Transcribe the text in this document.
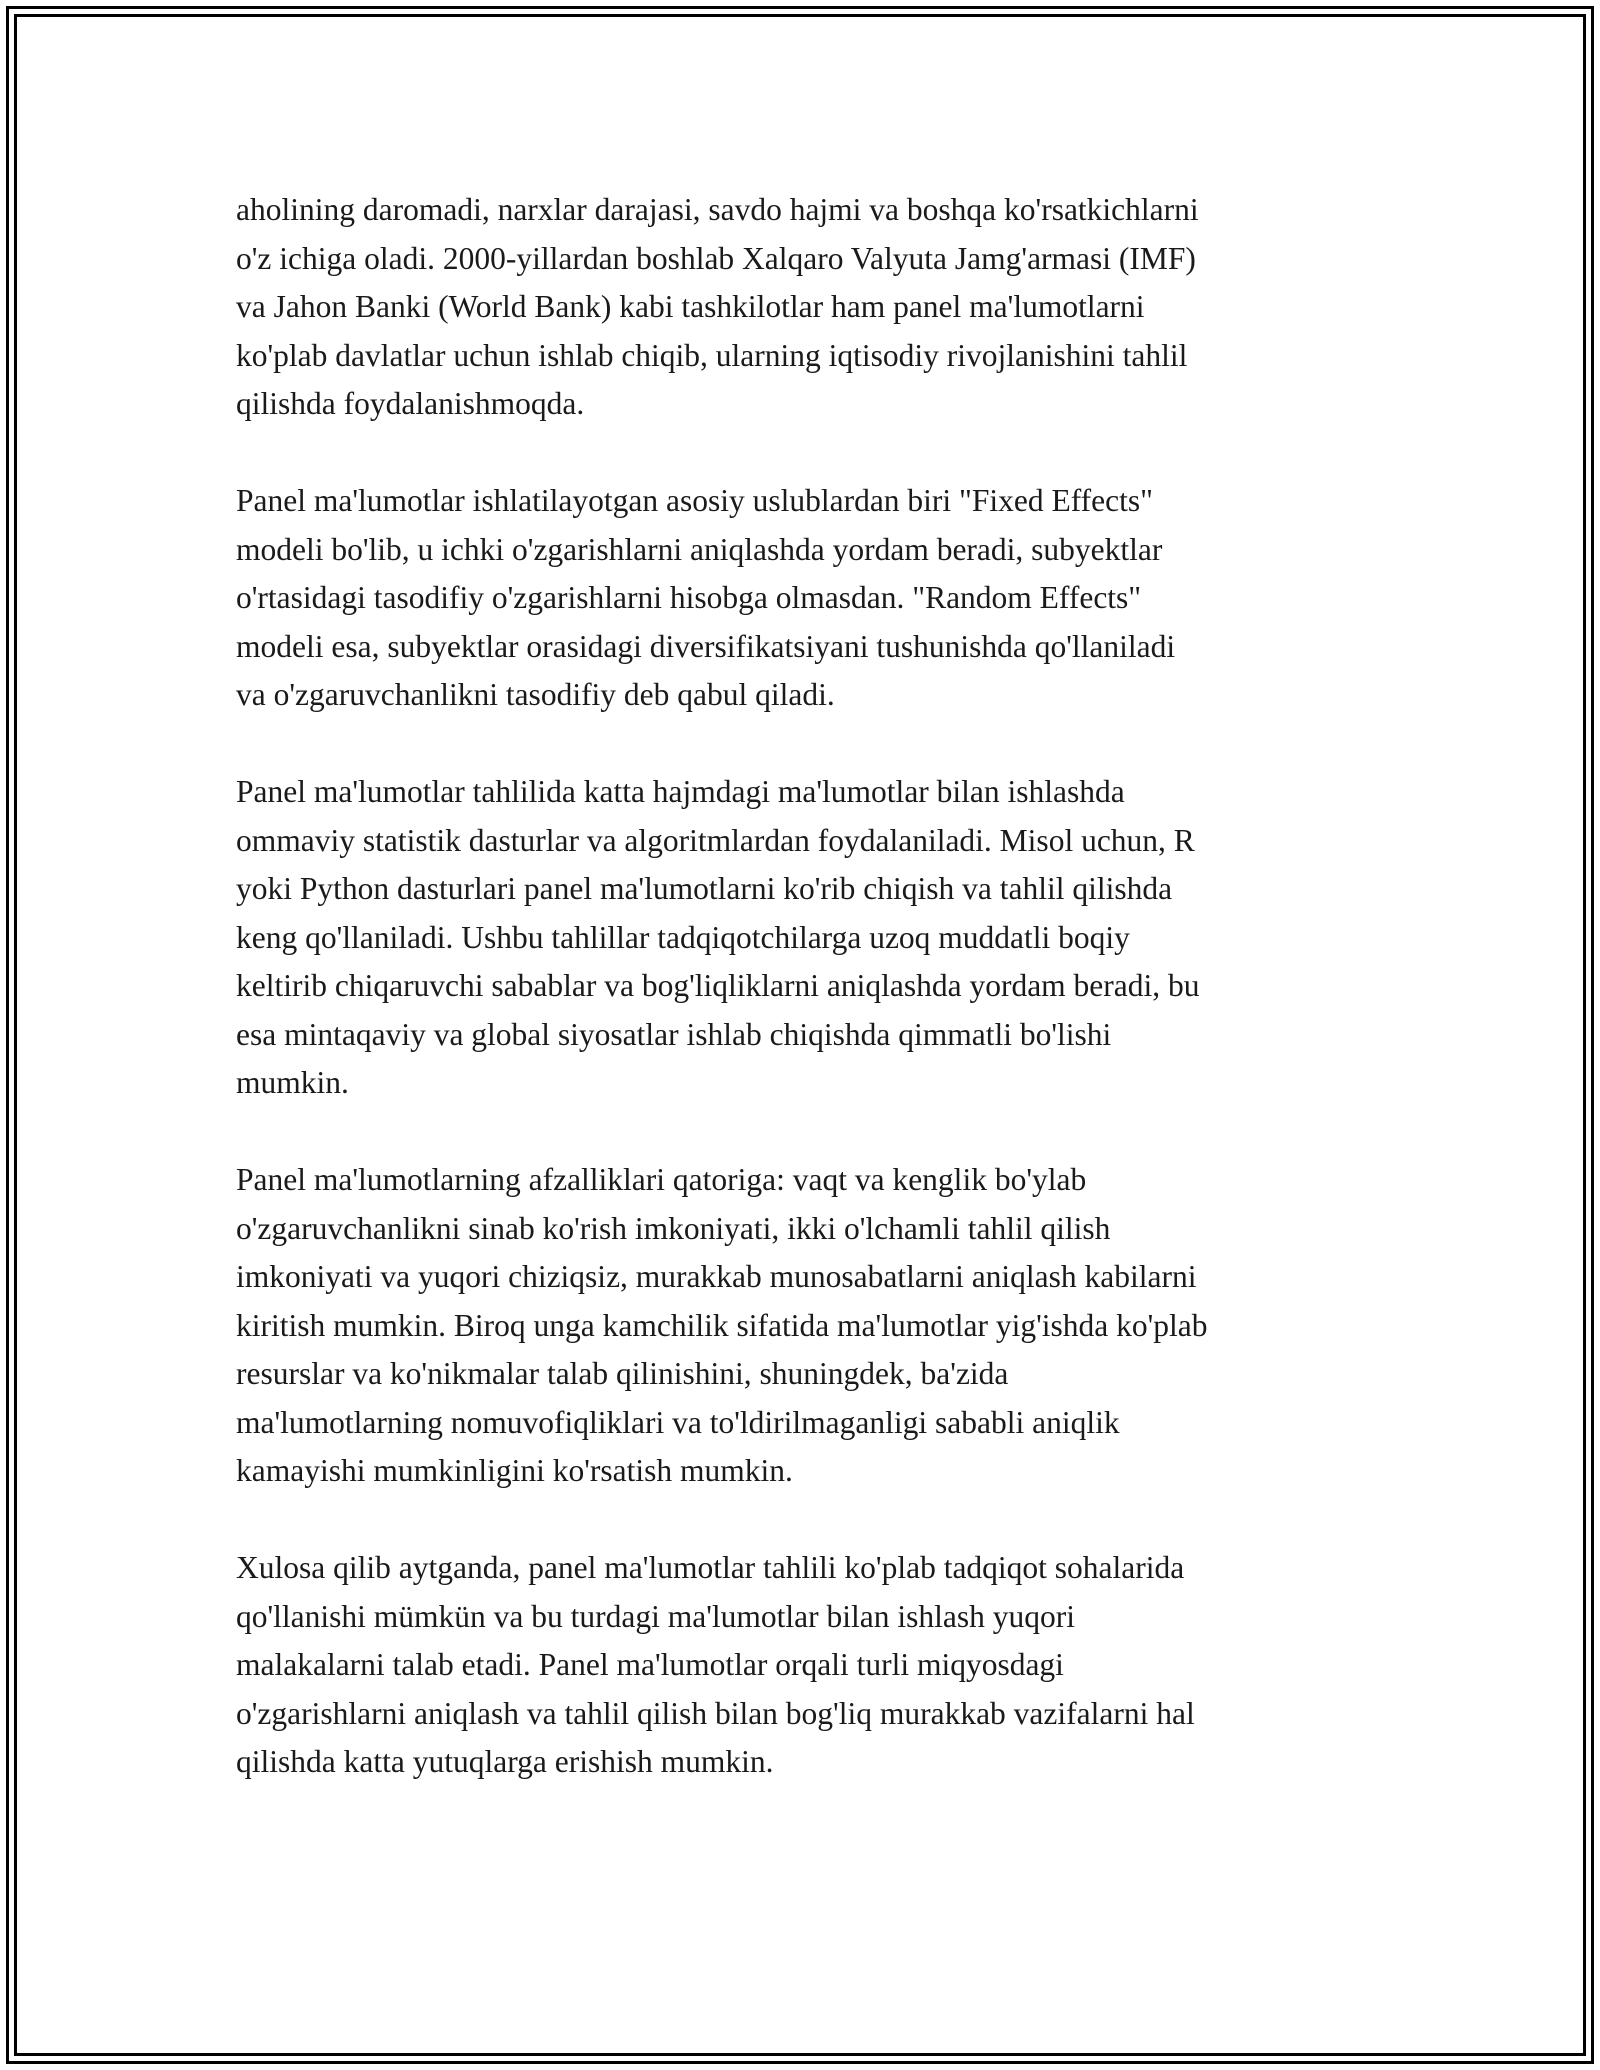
aholining daromadi, narxlar darajasi, savdo hajmi va boshqa ko'rsatkichlarni
o'z ichiga oladi. 2000-yillardan boshlab Xalqaro Valyuta Jamg'armasi (IMF)
va Jahon Banki (World Bank) kabi tashkilotlar ham panel ma'lumotlarni
ko'plab davlatlar uchun ishlab chiqib, ularning iqtisodiy rivojlanishini tahlil
qilishda foydalanishmoqda.
Panel ma'lumotlar ishlatilayotgan asosiy uslublardan biri "Fixed Effects"
modeli bo'lib, u ichki o'zgarishlarni aniqlashda yordam beradi, subyektlar
o'rtasidagi tasodifiy o'zgarishlarni hisobga olmasdan. "Random Effects"
modeli esa, subyektlar orasidagi diversifikatsiyani tushunishda qo'llaniladi
va o'zgaruvchanlikni tasodifiy deb qabul qiladi.
Panel ma'lumotlar tahlilida katta hajmdagi ma'lumotlar bilan ishlashda
ommaviy statistik dasturlar va algoritmlardan foydalaniladi. Misol uchun, R
yoki Python dasturlari panel ma'lumotlarni ko'rib chiqish va tahlil qilishda
keng qo'llaniladi. Ushbu tahlillar tadqiqotchilarga uzoq muddatli boqiy
keltirib chiqaruvchi sabablar va bog'liqliklarni aniqlashda yordam beradi, bu
esa mintaqaviy va global siyosatlar ishlab chiqishda qimmatli bo'lishi
mumkin.
Panel ma'lumotlarning afzalliklari qatoriga: vaqt va kenglik bo'ylab
o'zgaruvchanlikni sinab ko'rish imkoniyati, ikki o'lchamli tahlil qilish
imkoniyati va yuqori chiziqsiz, murakkab munosabatlarni aniqlash kabilarni
kiritish mumkin. Biroq unga kamchilik sifatida ma'lumotlar yig'ishda ko'plab
resurslar va ko'nikmalar talab qilinishini, shuningdek, ba'zida
ma'lumotlarning nomuvofiqliklari va to'ldirilmaganligi sababli aniqlik
kamayishi mumkinligini ko'rsatish mumkin.
Xulosa qilib aytganda, panel ma'lumotlar tahlili ko'plab tadqiqot sohalarida
qo'llanishi mümkün va bu turdagi ma'lumotlar bilan ishlash yuqori
malakalarni talab etadi. Panel ma'lumotlar orqali turli miqyosdagi
o'zgarishlarni aniqlash va tahlil qilish bilan bog'liq murakkab vazifalarni hal
qilishda katta yutuqlarga erishish mumkin.
